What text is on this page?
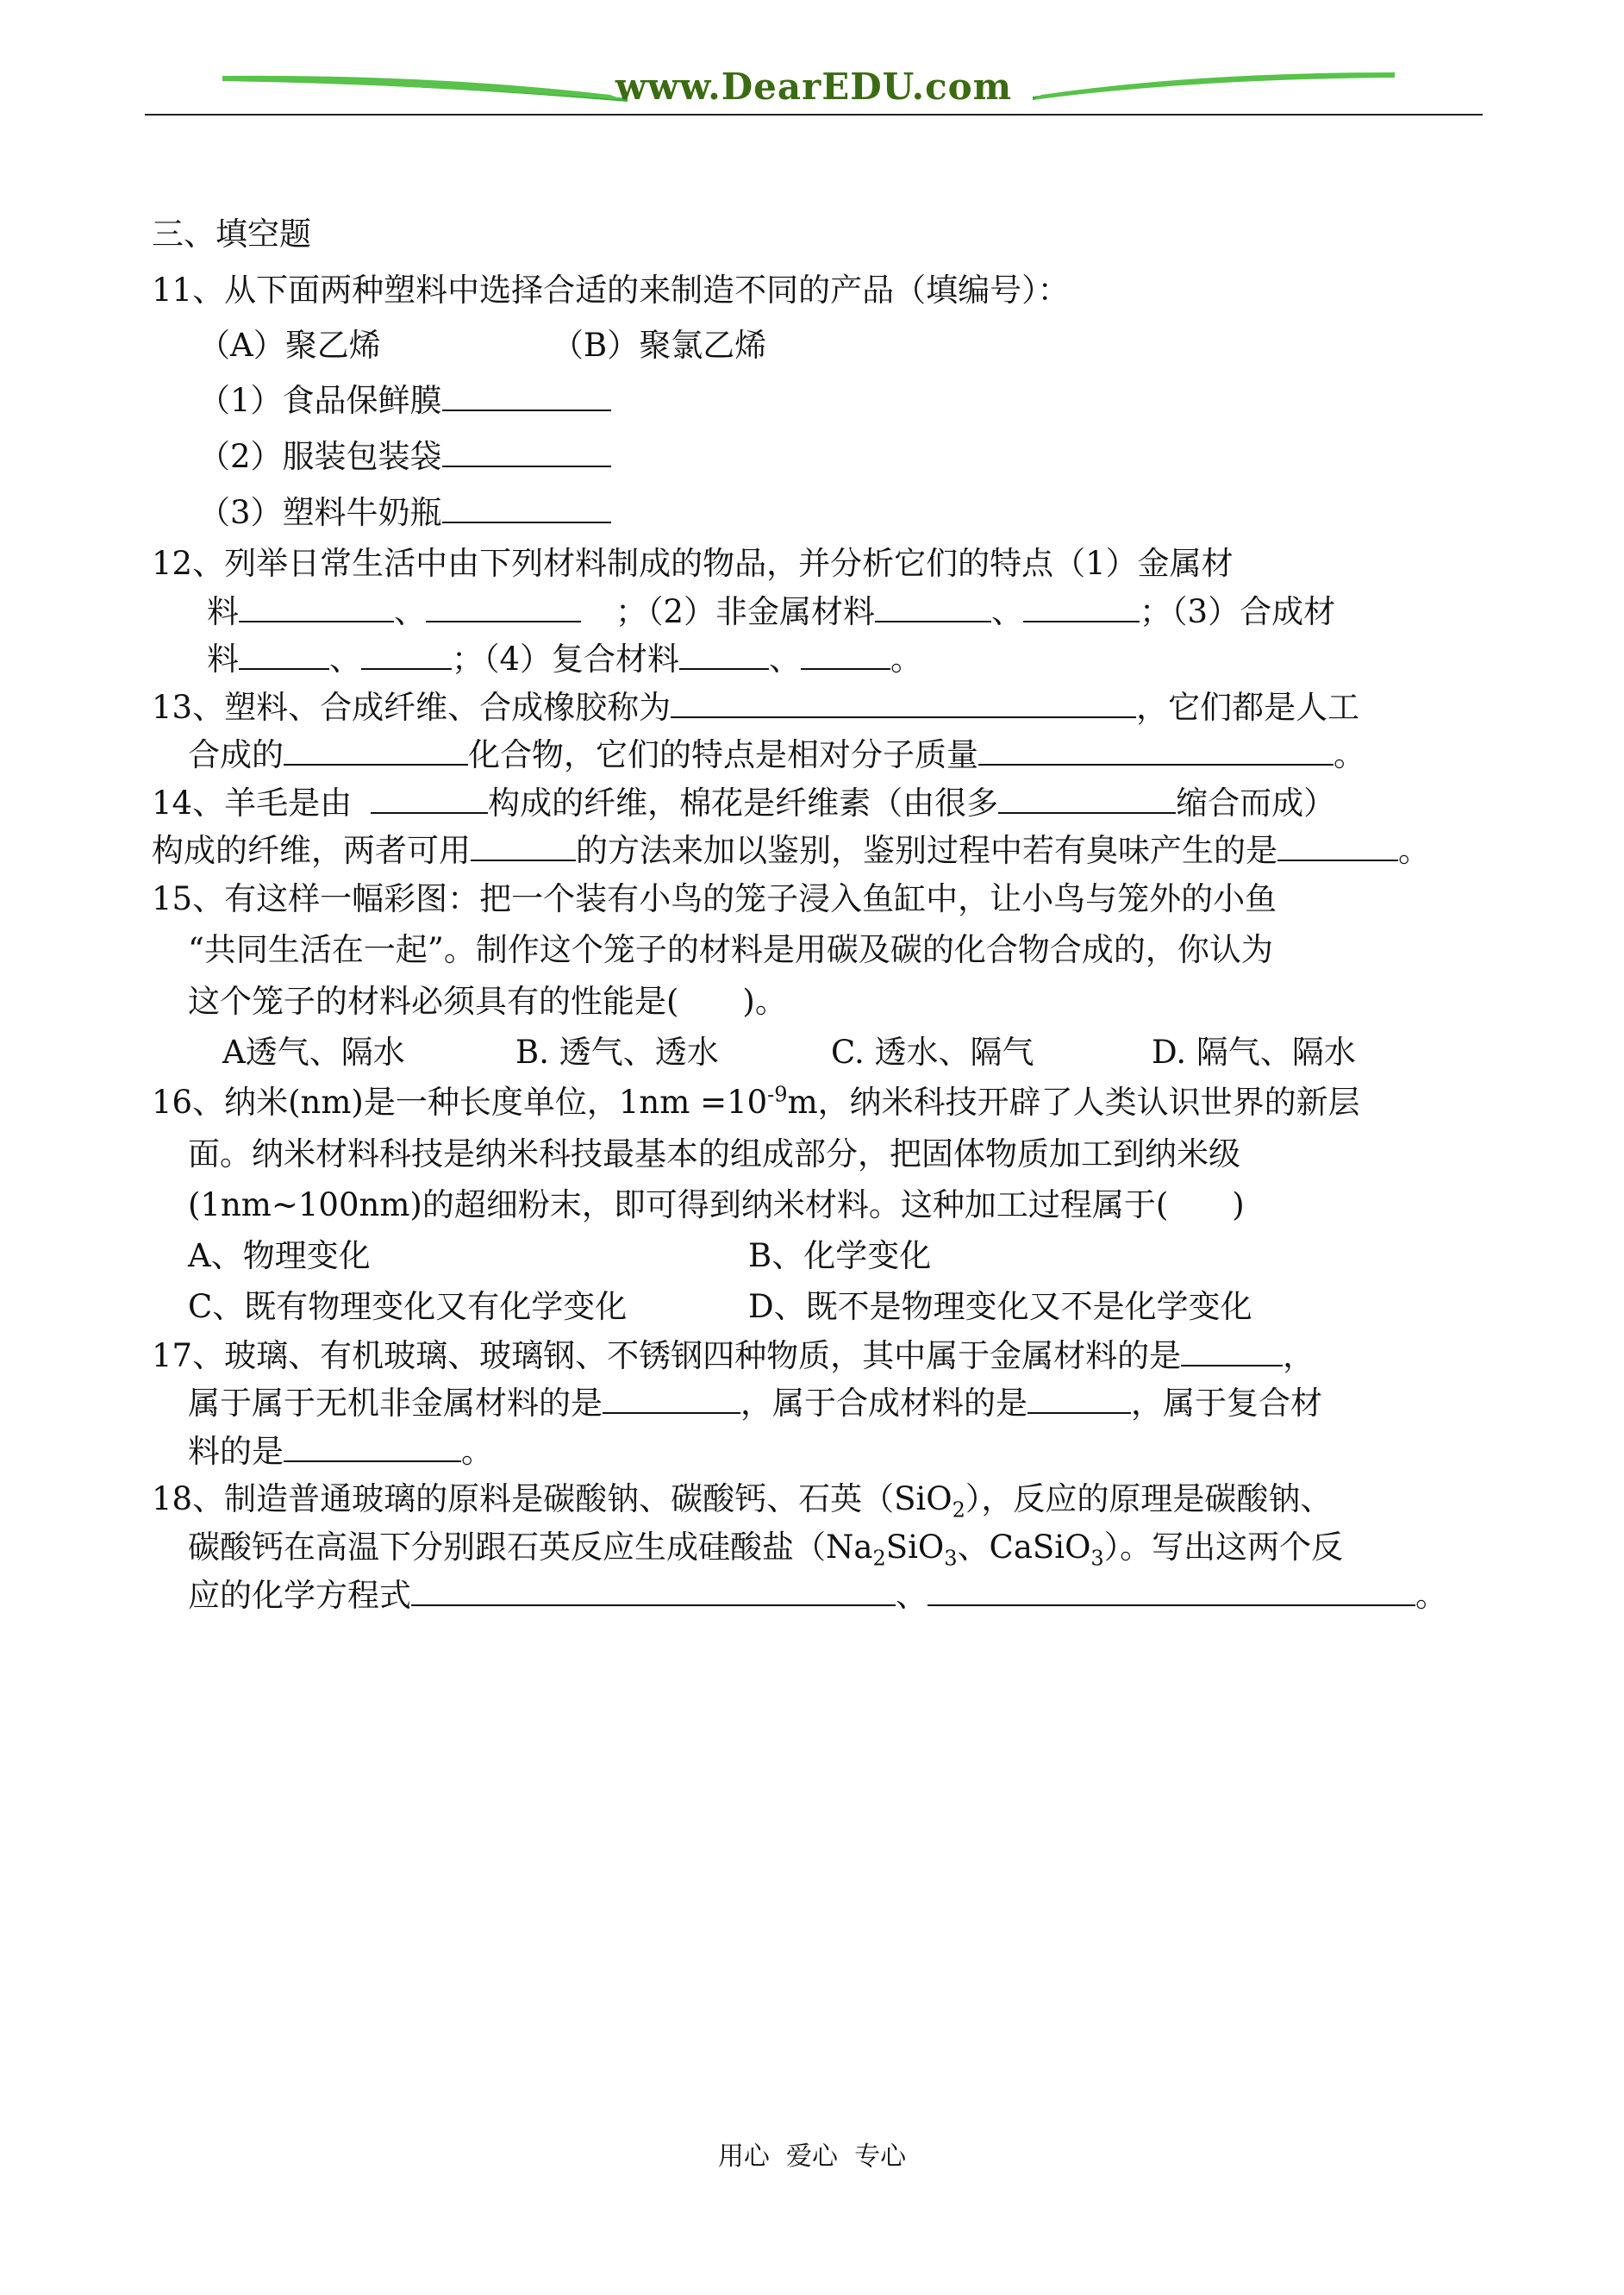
www.DearEDU.com
三、填空题
11、从下面两种塑料中选择合适的来制造不同的产品（填编号）：
（A）聚乙烯	（B）聚氯乙烯
（1）食品保鲜膜
（2）服装包装袋
（3）塑料牛奶瓶
12、列举日常生活中由下列材料制成的物品，并分析它们的特点（1）金属材
料	、	；（2）非金属材料	、	；（3）合成材
料	、	；（4）复合材料	、	。
13、塑料、合成纤维、合成橡胶称为	，它们都是人工
合成的	化合物，它们的特点是相对分子质量	。
14、羊毛是由	构成的纤维，棉花是纤维素（由很多	缩合而成）
构成的纤维，两者可用	的方法来加以鉴别，鉴别过程中若有臭味产生的是	。
15、有这样一幅彩图：把一个装有小鸟的笼子浸入鱼缸中，让小鸟与笼外的小鱼
“共同生活在一起”。制作这个笼子的材料是用碳及碳的化合物合成的，你认为
这个笼子的材料必须具有的性能是(　　)。
A透气、隔水	B. 透气、透水	C. 透水、隔气	D. 隔气、隔水
16、纳米(nm)是一种长度单位，$1nm =10^{-9}m$，纳米科技开辟了人类认识世界的新层
面。纳米材料科技是纳米科技最基本的组成部分，把固体物质加工到纳米级
(1nm~100nm)的超细粉末，即可得到纳米材料。这种加工过程属于(　　)
A、物理变化	B、化学变化
C、既有物理变化又有化学变化	D、既不是物理变化又不是化学变化
17、玻璃、有机玻璃、玻璃钢、不锈钢四种物质，其中属于金属材料的是	，
属于属于无机非金属材料的是	，属于合成材料的是	，属于复合材
料的是	。
18、制造普通玻璃的原料是碳酸钠、碳酸钙、石英（SiO$_2$），反应的原理是碳酸钠、
碳酸钙在高温下分别跟石英反应生成硅酸盐（$Na_2SiO_3$、CaSiO$_3$）。写出这两个反
应的化学方程式	、	。
用心  爱心  专心
